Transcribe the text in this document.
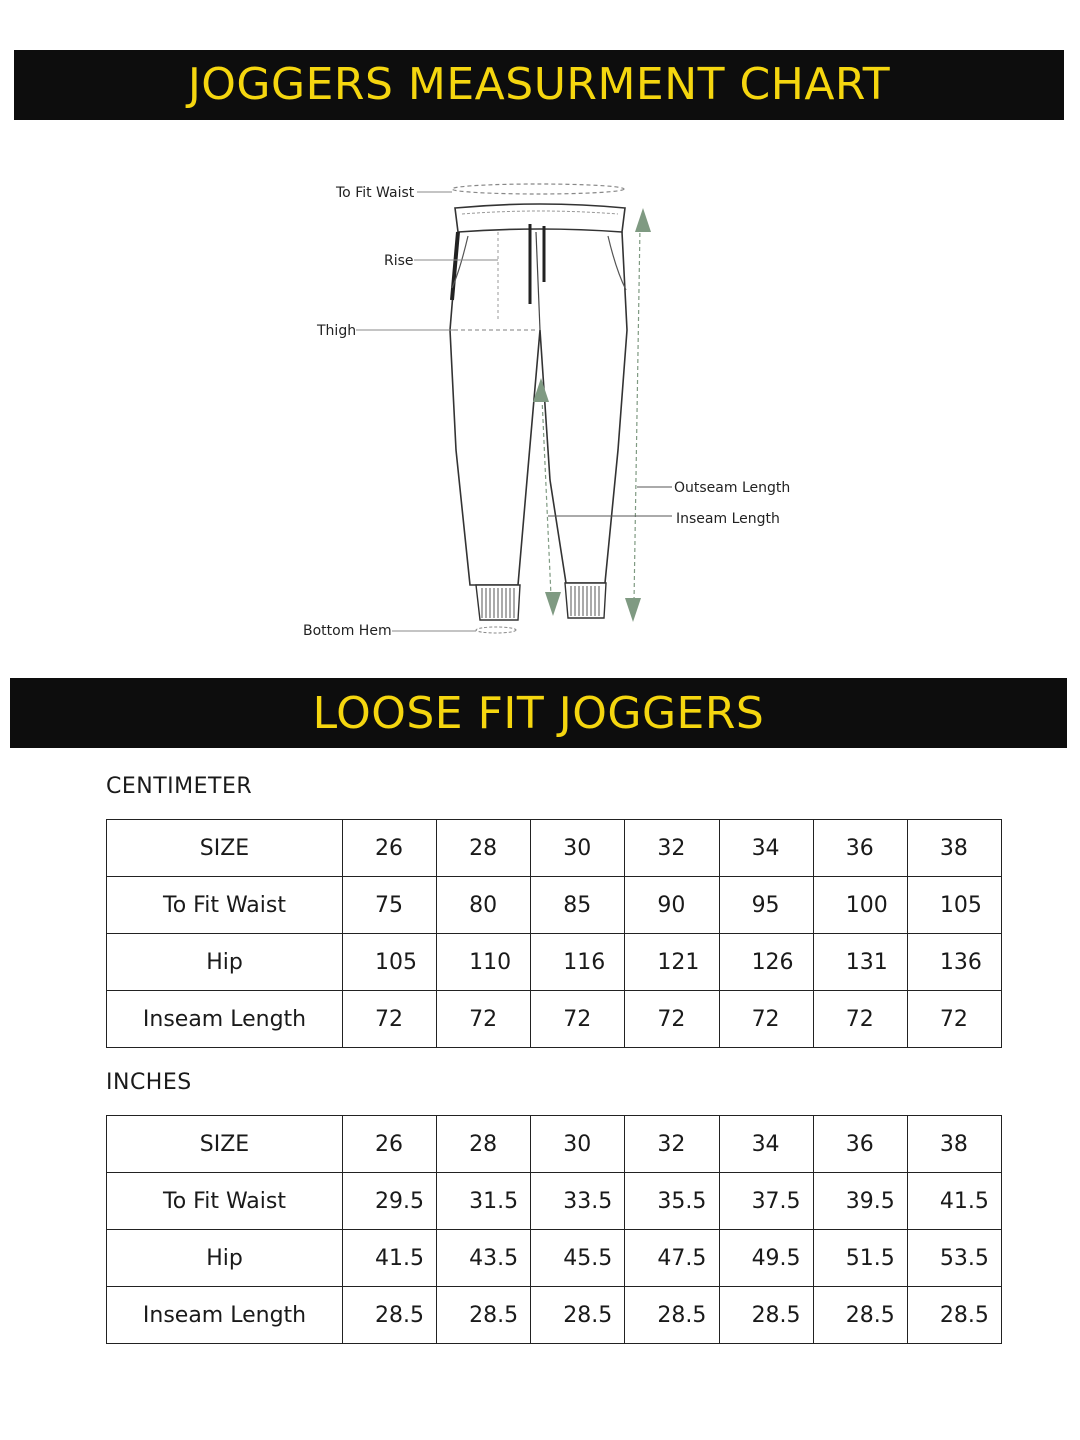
JOGGERS MEASURMENT CHART
To Fit Waist
Rise
Thigh
Outseam Length
Inseam Length
Bottom Hem
LOOSE FIT JOGGERS
CENTIMETER
SIZE	26	28	30	32	34	36	38
To Fit Waist	75	80	85	90	95	100	105
Hip	105	110	116	121	126	131	136
Inseam Length	72	72	72	72	72	72	72
INCHES
SIZE	26	28	30	32	34	36	38
To Fit Waist	29.5	31.5	33.5	35.5	37.5	39.5	41.5
Hip	41.5	43.5	45.5	47.5	49.5	51.5	53.5
Inseam Length	28.5	28.5	28.5	28.5	28.5	28.5	28.5
